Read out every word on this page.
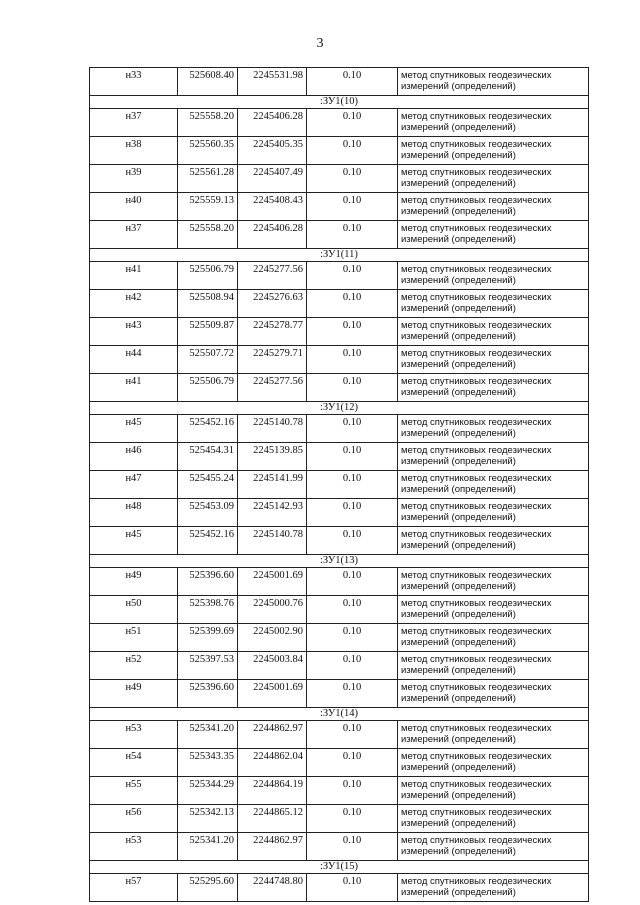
3
н33	525608.40	2245531.98	0.10	метод спутниковых геодезических
измерений (определений)

:ЗУ1(10)				
н37	525558.20	2245406.28	0.10	метод спутниковых геодезических
измерений (определений)

н38	525560.35	2245405.35	0.10	метод спутниковых геодезических
измерений (определений)

н39	525561.28	2245407.49	0.10	метод спутниковых геодезических
измерений (определений)

н40	525559.13	2245408.43	0.10	метод спутниковых геодезических
измерений (определений)

н37	525558.20	2245406.28	0.10	метод спутниковых геодезических
измерений (определений)

:ЗУ1(11)				
н41	525506.79	2245277.56	0.10	метод спутниковых геодезических
измерений (определений)

н42	525508.94	2245276.63	0.10	метод спутниковых геодезических
измерений (определений)

н43	525509.87	2245278.77	0.10	метод спутниковых геодезических
измерений (определений)

н44	525507.72	2245279.71	0.10	метод спутниковых геодезических
измерений (определений)

н41	525506.79	2245277.56	0.10	метод спутниковых геодезических
измерений (определений)

:ЗУ1(12)				
н45	525452.16	2245140.78	0.10	метод спутниковых геодезических
измерений (определений)

н46	525454.31	2245139.85	0.10	метод спутниковых геодезических
измерений (определений)

н47	525455.24	2245141.99	0.10	метод спутниковых геодезических
измерений (определений)

н48	525453.09	2245142.93	0.10	метод спутниковых геодезических
измерений (определений)

н45	525452.16	2245140.78	0.10	метод спутниковых геодезических
измерений (определений)

:ЗУ1(13)				
н49	525396.60	2245001.69	0.10	метод спутниковых геодезических
измерений (определений)

н50	525398.76	2245000.76	0.10	метод спутниковых геодезических
измерений (определений)

н51	525399.69	2245002.90	0.10	метод спутниковых геодезических
измерений (определений)

н52	525397.53	2245003.84	0.10	метод спутниковых геодезических
измерений (определений)

н49	525396.60	2245001.69	0.10	метод спутниковых геодезических
измерений (определений)

:ЗУ1(14)				
н53	525341.20	2244862.97	0.10	метод спутниковых геодезических
измерений (определений)

н54	525343.35	2244862.04	0.10	метод спутниковых геодезических
измерений (определений)

н55	525344.29	2244864.19	0.10	метод спутниковых геодезических
измерений (определений)

н56	525342.13	2244865.12	0.10	метод спутниковых геодезических
измерений (определений)

н53	525341.20	2244862.97	0.10	метод спутниковых геодезических
измерений (определений)

:ЗУ1(15)				
н57	525295.60	2244748.80	0.10	метод спутниковых геодезических
измерений (определений)
